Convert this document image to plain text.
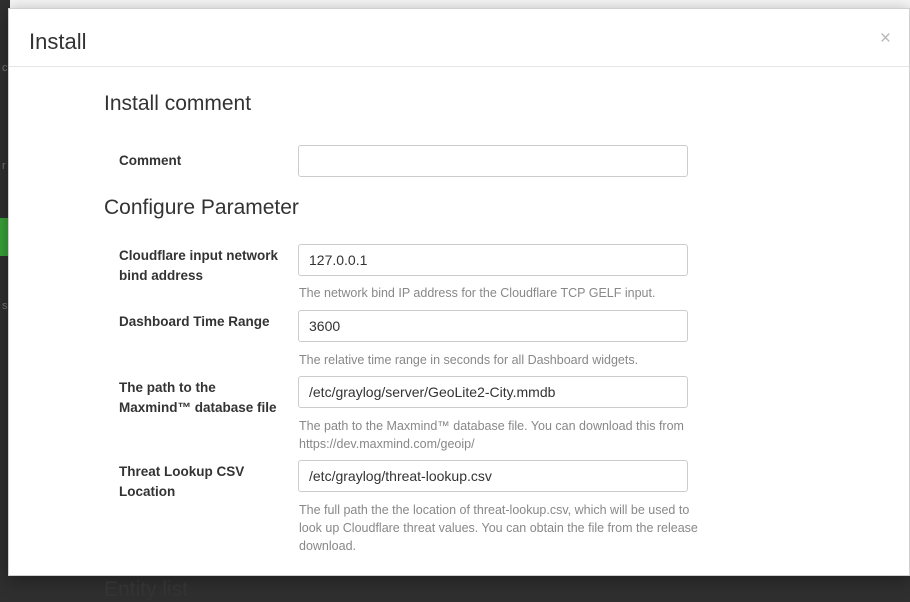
c
r
s
Install	×
Install comment
Comment
Configure Parameter
Cloudflare input network bind address
127.0.0.1
The network bind IP address for the Cloudflare TCP GELF input.
Dashboard Time Range
3600
The relative time range in seconds for all Dashboard widgets.
The path to the Maxmind™ database file
/etc/graylog/server/GeoLite2-City.mmdb
The path to the Maxmind™ database file. You can download this from https://dev.maxmind.com/geoip/
Threat Lookup CSV Location
/etc/graylog/threat-lookup.csv
The full path the the location of threat-lookup.csv, which will be used to look up Cloudflare threat values. You can obtain the file from the release download.
Entity list
